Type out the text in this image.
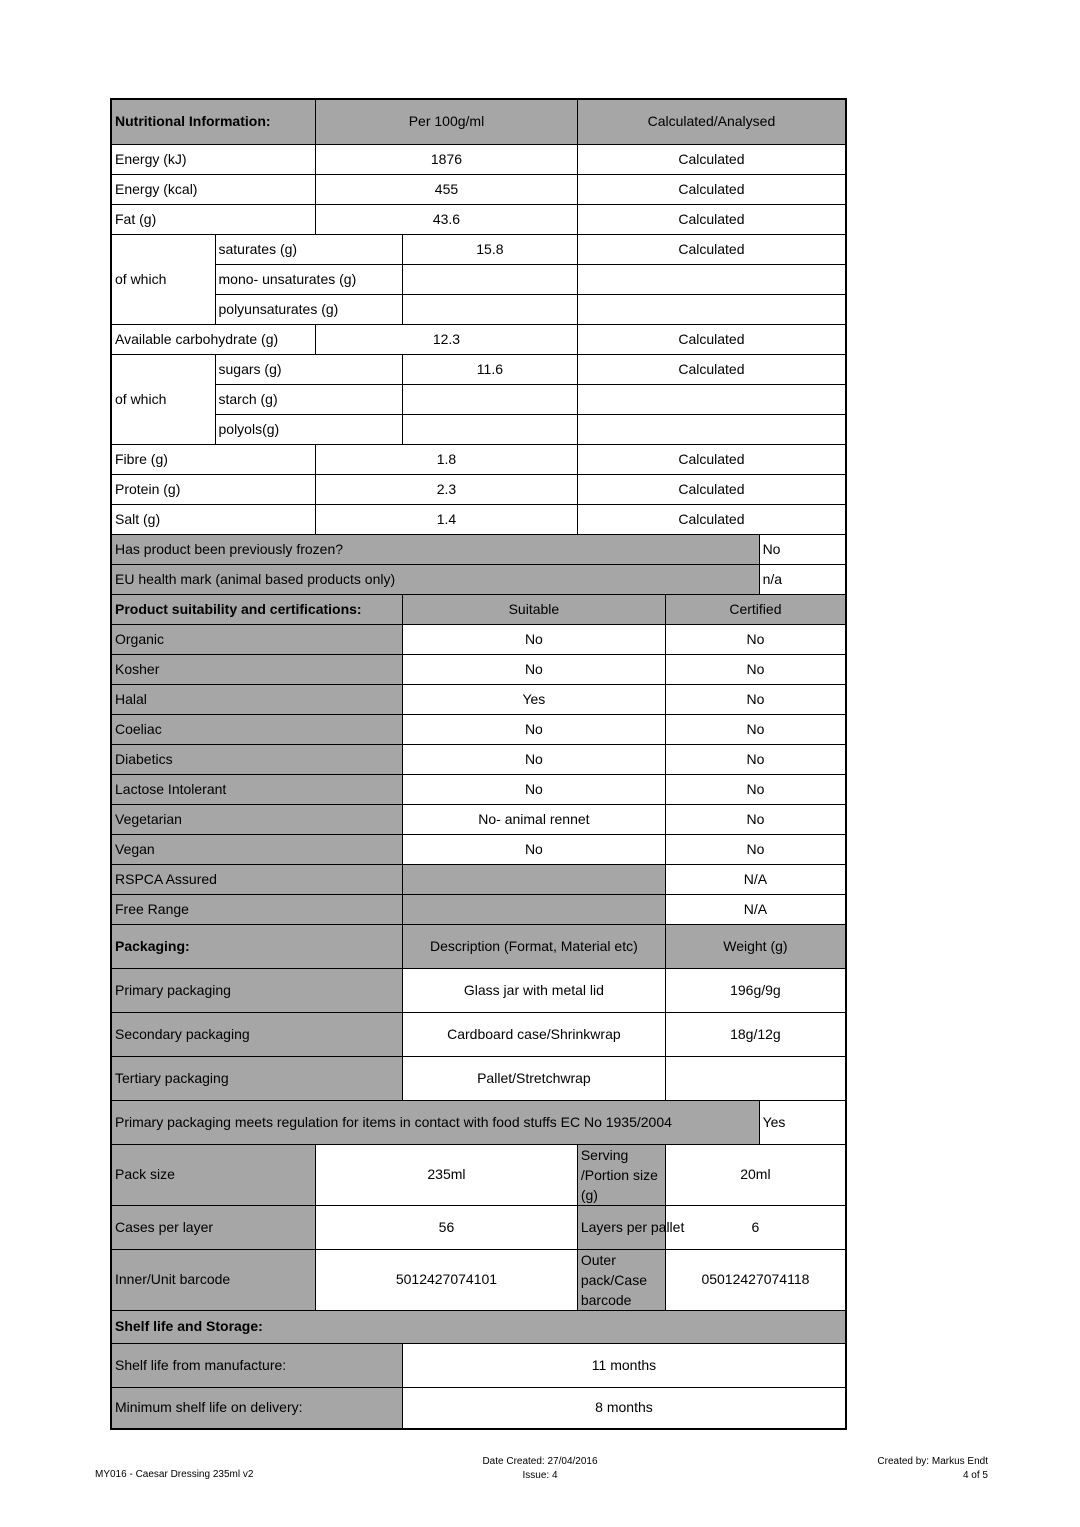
Nutritional Information:		Per 100g/ml		Calculated/Analysed		
Energy (kJ)		1876		Calculated		
Energy (kcal)		455		Calculated		
Fat (g)		43.6		Calculated		
of which	saturates (g)		15.8	Calculated		
	mono- unsaturates (g)					
	polyunsaturates (g)					
Available carbohydrate (g)		12.3		Calculated		
of which	sugars (g)		11.6	Calculated		
	starch (g)					
	polyols(g)					
Fibre (g)		1.8		Calculated		
Protein (g)		2.3		Calculated		
Salt (g)		1.4		Calculated		
Has product been previously frozen?						No
EU health mark (animal based products only)						n/a
Product suitability and certifications:			Suitable		Certified	
Organic			No		No	
Kosher			No		No	
Halal			Yes		No	
Coeliac			No		No	
Diabetics			No		No	
Lactose Intolerant			No		No	
Vegetarian			No- animal rennet		No	
Vegan			No		No	
RSPCA Assured					N/A	
Free Range					N/A	
Packaging:			Description (Format, Material etc)		Weight (g)	
Primary packaging			Glass jar with metal lid		196g/9g	
Secondary packaging			Cardboard case/Shrinkwrap		18g/12g	
Tertiary packaging			Pallet/Stretchwrap			
Primary packaging meets regulation for items in contact with food stuffs EC No 1935/2004						Yes
Pack size		235ml		Serving /Portion size (g)	20ml	
Cases per layer		56		Layers per pallet	6	
Inner/Unit barcode		5012427074101		Outer pack/Case barcode	05012427074118	
Shelf life and Storage:						
Shelf life from manufacture:			11 months			
Minimum shelf life on delivery:			8 months			
MY016 - Caesar Dressing 235ml v2
Date Created: 27/04/2016
Issue: 4
Created by: Markus Endt
4 of 5
